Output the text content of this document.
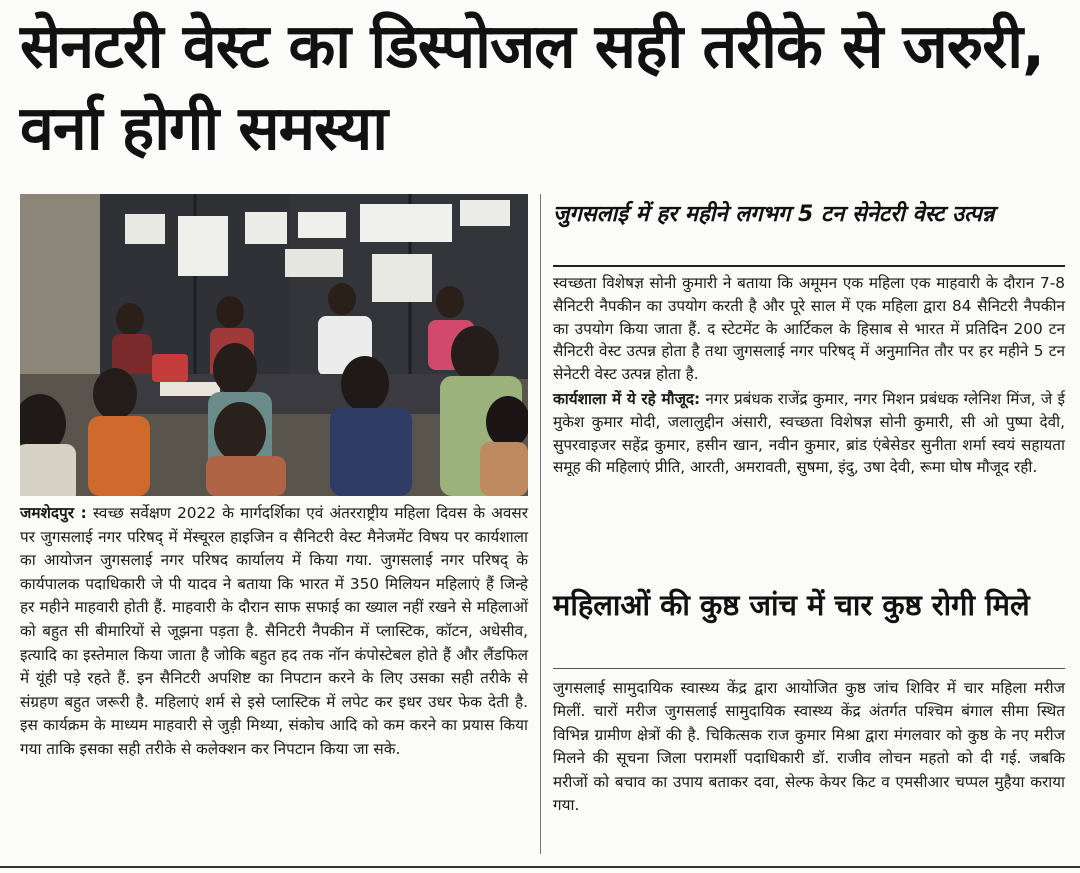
सेनटरी वेस्ट का डिस्पोजल सही तरीके से जरुरी, वर्ना होगी समस्या

जमशेदपुर : स्वच्छ सर्वेक्षण 2022 के मार्गदर्शिका एवं अंतरराष्ट्रीय महिला दिवस के अवसर पर जुगसलाई नगर परिषद् में मेंस्चूरल हाइजिन व सैनिटरी वेस्ट मैनेजमेंट विषय पर कार्यशाला का आयोजन जुगसलाई नगर परिषद कार्यालय में किया गया. जुगसलाई नगर परिषद् के कार्यपालक पदाधिकारी जे पी यादव ने बताया कि भारत में 350 मिलियन महिलाएं हैं जिन्हे हर महीने माहवारी होती हैं. माहवारी के दौरान साफ सफाई का ख्याल नहीं रखने से महिलाओं को बहुत सी बीमारियों से जूझना पड़ता है. सैनिटरी नैपकीन में प्लास्टिक, कॉटन, अधेसीव, इत्यादि का इस्तेमाल किया जाता है जोकि बहुत हद तक नॉन कंपोस्टेबल होते हैं और लैंडफिल में यूंही पड़े रहते हैं. इन सैनिटरी अपशिष्ट का निपटान करने के लिए उसका सही तरीके से संग्रहण बहुत जरूरी है. महिलाएं शर्म से इसे प्लास्टिक में लपेट कर इधर उधर फेक देती है. इस कार्यक्रम के माध्यम माहवारी से जुड़ी मिथ्या, संकोच आदि को कम करने का प्रयास किया गया ताकि इसका सही तरीके से कलेक्शन कर निपटान किया जा सके.

जुगसलाई में हर महीने लगभग 5 टन सेनेटरी वेस्ट उत्पन्न
स्वच्छता विशेषज्ञ सोनी कुमारी ने बताया कि अमूमन एक महिला एक माहवारी के दौरान 7-8 सैनिटरी नैपकीन का उपयोग करती है और पूरे साल में एक महिला द्वारा 84 सैनिटरी नैपकीन का उपयोग किया जाता हैं. द स्टेटमेंट के आर्टिकल के हिसाब से भारत में प्रतिदिन 200 टन सैनिटरी वेस्ट उत्पन्न होता है तथा जुगसलाई नगर परिषद् में अनुमानित तौर पर हर महीने 5 टन सेनेटरी वेस्ट उत्पन्न होता है.
कार्यशाला में ये रहे मौजूद: नगर प्रबंधक राजेंद्र कुमार, नगर मिशन प्रबंधक ग्लेनिश मिंज, जे ई मुकेश कुमार मोदी, जलालुद्दीन अंसारी, स्वच्छता विशेषज्ञ सोनी कुमारी, सी ओ पुष्पा देवी, सुपरवाइजर सहेंद्र कुमार, हसीन खान, नवीन कुमार, ब्रांड एंबेसेडर सुनीता शर्मा स्वयं सहायता समूह की महिलाएं प्रीति, आरती, अमरावती, सुषमा, इंदु, उषा देवी, रूमा घोष मौजूद रही.
महिलाओं की कुष्ठ जांच में चार कुष्ठ रोगी मिले

जुगसलाई सामुदायिक स्वास्थ्य केंद्र द्वारा आयोजित कुष्ठ जांच शिविर में चार महिला मरीज मिलीं. चारों मरीज जुगसलाई सामुदायिक स्वास्थ्य केंद्र अंतर्गत पश्चिम बंगाल सीमा स्थित विभिन्न ग्रामीण क्षेत्रों की है. चिकित्सक राज कुमार मिश्रा द्वारा मंगलवार को कुष्ठ के नए मरीज मिलने की सूचना जिला परामर्शी पदाधिकारी डॉ. राजीव लोचन महतो को दी गई. जबकि मरीजों को बचाव का उपाय बताकर दवा, सेल्फ केयर किट व एमसीआर चप्पल मुहैया कराया गया.
